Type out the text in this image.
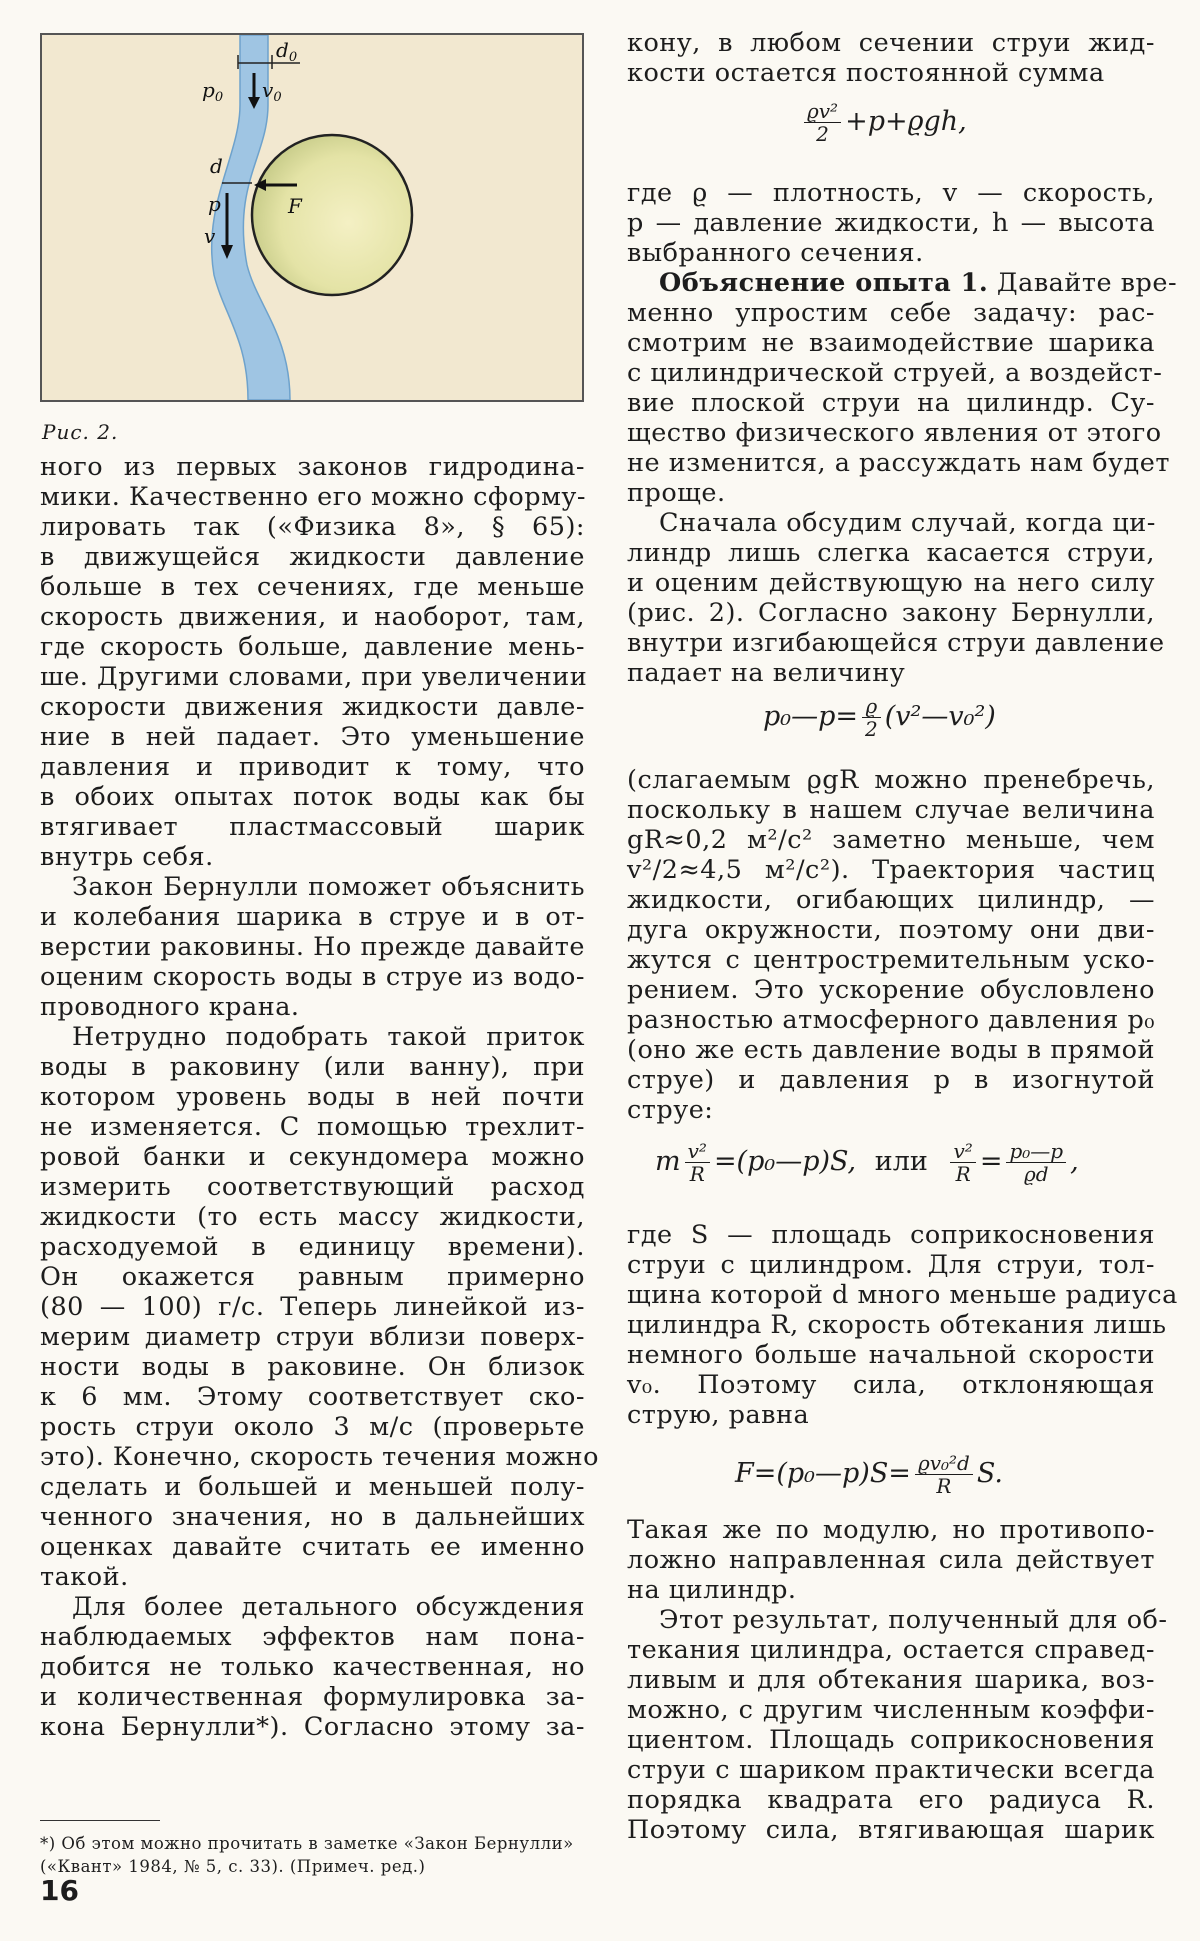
$d_0$
$p_0$ $v_0$
d
p	F
v
Рис. 2.
ного из первых законов гидродина-
мики. Качественно его можно сформу-
лировать так («Физика 8», § 65):
в движущейся жидкости давление
больше в тех сечениях, где меньше
скорость движения, и наоборот, там,
где скорость больше, давление мень-
ше. Другими словами, при увеличении
скорости движения жидкости давле-
ние в ней падает. Это уменьшение
давления и приводит к тому, что
в обоих опытах поток воды как бы
втягивает пластмассовый шарик
внутрь себя.
Закон Бернулли поможет объяснить
и колебания шарика в струе и в от-
верстии раковины. Но прежде давайте
оценим скорость воды в струе из водо-
проводного крана.
Нетрудно подобрать такой приток
воды в раковину (или ванну), при
котором уровень воды в ней почти
не изменяется. С помощью трехлит-
ровой банки и секундомера можно
измерить соответствующий расход
жидкости (то есть массу жидкости,
расходуемой в единицу времени).
Он окажется равным примерно
(80 — 100) г/с. Теперь линейкой из-
мерим диаметр струи вблизи поверх-
ности воды в раковине. Он близок
к 6 мм. Этому соответствует ско-
рость струи около 3 м/с (проверьте
это). Конечно, скорость течения можно
сделать и большей и меньшей полу-
ченного значения, но в дальнейших
оценках давайте считать ее именно
такой.
Для более детального обсуждения
наблюдаемых эффектов нам пона-
добится не только качественная, но
и количественная формулировка за-
кона Бернулли*). Согласно этому за-
*) Об этом можно прочитать в заметке «Закон Бернулли» («Квант» 1984, № 5, с. 33). (Примеч. ред.)
16
кону, в любом сечении струи жид-
кости остается постоянной сумма
$\frac{\text{ϱv²}}{2} +p+ϱgh$,
где ϱ — плотность, v — скорость,
p — давление жидкости, h — высота
выбранного сечения.
Объяснение опыта 1. Давайте вре-
менно упростим себе задачу: рас-
смотрим не взаимодействие шарика
с цилиндрической струей, а воздейст-
вие плоской струи на цилиндр. Су-
щество физического явления от этого
не изменится, а рассуждать нам будет
проще.
Сначала обсудим случай, когда ци-
линдр лишь слегка касается струи,
и оценим действующую на него силу
(рис. 2). Согласно закону Бернулли,
внутри изгибающейся струи давление
падает на величину
p₀—p= $\frac{ϱ}{2}$ (v²—v₀²)
(слагаемым ϱgR можно пренебречь,
поскольку в нашем случае величина
gR≈0,2 м²/с² заметно меньше, чем
v²/2≈4,5 м²/с²). Траектория частиц
жидкости, огибающих цилиндр, —
дуга окружности, поэтому они дви-
жутся с центростремительным уско-
рением. Это ускорение обусловлено
разностью атмосферного давления p₀
(оно же есть давление воды в прямой
струе) и давления p в изогнутой
струе:
m $\frac{\text{v²}}{R}$ =(p₀—p)S, или $\frac{\text{v²}}{R} = \frac{\text{p₀—p}}{ϱd}$ ,
где S — площадь соприкосновения
струи с цилиндром. Для струи, тол-
щина которой d много меньше радиуса
цилиндра R, скорость обтекания лишь
немного больше начальной скорости
v₀. Поэтому сила, отклоняющая
струю, равна
F=(p₀—p)S= $\frac{\text{ϱv₀²d}}{R} S$.
Такая же по модулю, но противопо-
ложно направленная сила действует
на цилиндр.
Этот результат, полученный для об-
текания цилиндра, остается справед-
ливым и для обтекания шарика, воз-
можно, с другим численным коэффи-
циентом. Площадь соприкосновения
струи с шариком практически всегда
порядка квадрата его радиуса R.
Поэтому сила, втягивающая шарик
